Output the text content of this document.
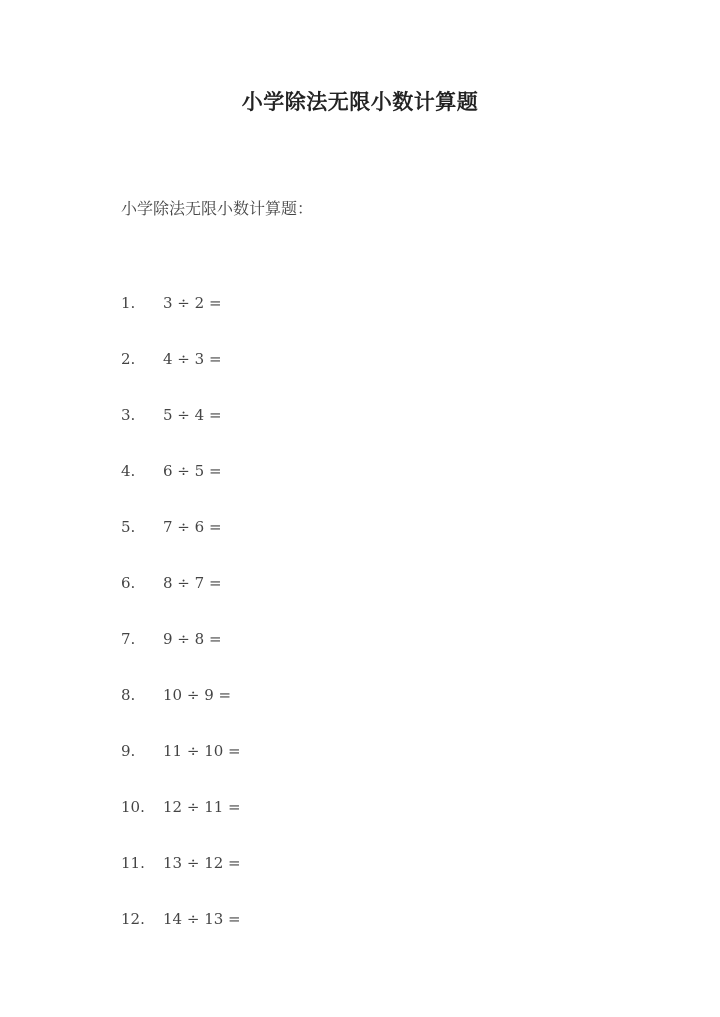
小学除法无限小数计算题

小学除法无限小数计算题：

1. 3 ÷ 2 =
2. 4 ÷ 3 =
3. 5 ÷ 4 =
4. 6 ÷ 5 =
5. 7 ÷ 6 =
6. 8 ÷ 7 =
7. 9 ÷ 8 =
8. 10 ÷ 9 =
9. 11 ÷ 10 =
10. 12 ÷ 11 =
11. 13 ÷ 12 =
12. 14 ÷ 13 =
